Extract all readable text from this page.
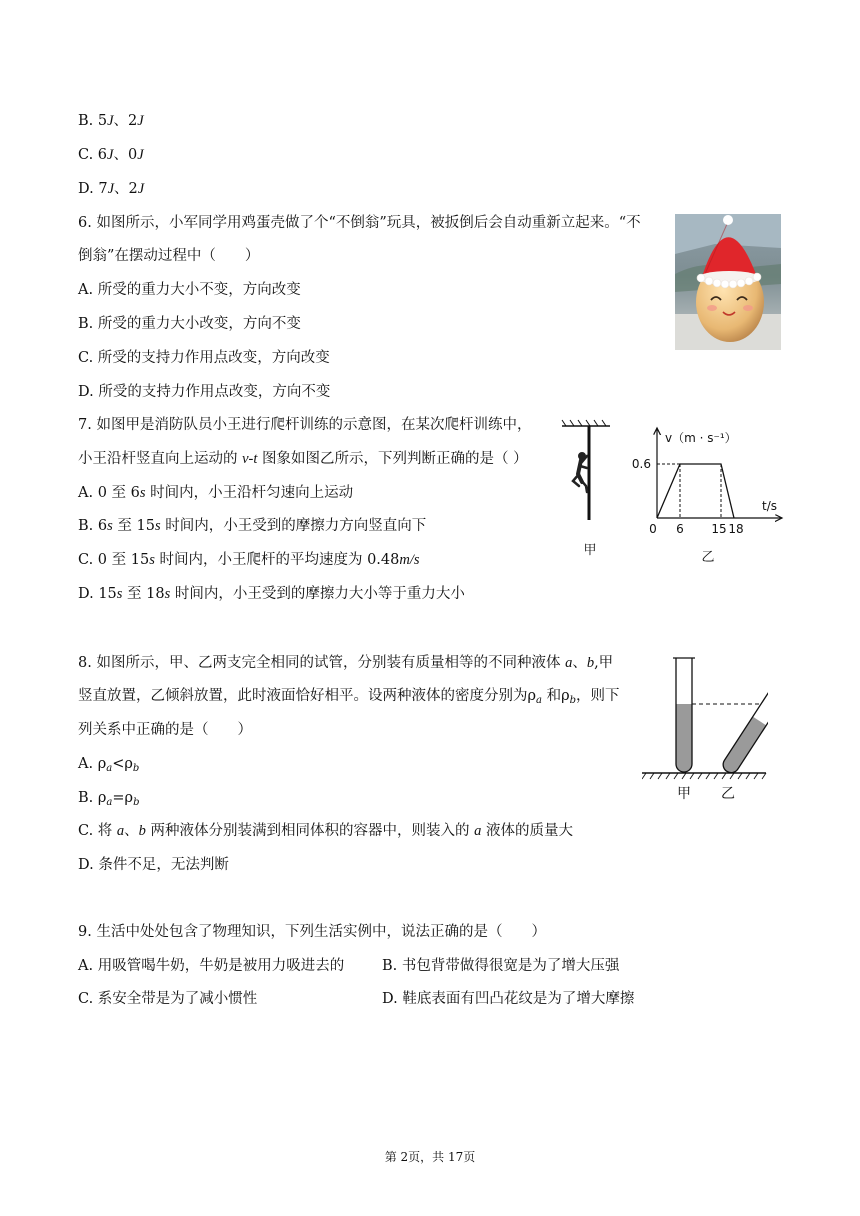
B. 5J、2J
C. 6J、0J
D. 7J、2J
6. 如图所示，小军同学用鸡蛋壳做了个“不倒翁”玩具，被扳倒后会自动重新立起来。“不
倒翁”在摆动过程中（　　）
A. 所受的重力大小不变，方向改变
B. 所受的重力大小改变，方向不变
C. 所受的支持力作用点改变，方向改变
D. 所受的支持力作用点改变，方向不变
7. 如图甲是消防队员小王进行爬杆训练的示意图，在某次爬杆训练中，
小王沿杆竖直向上运动的 v-t 图象如图乙所示，下列判断正确的是（ ）
A. 0 至 6s 时间内，小王沿杆匀速向上运动
B. 6s 至 15s 时间内，小王受到的摩擦力方向竖直向下
C. 0 至 15s 时间内，小王爬杆的平均速度为 0.48m/s
D. 15s 至 18s 时间内，小王受到的摩擦力大小等于重力大小
甲
v（m · s⁻¹）
t/s
0.6
0 6 15 18
乙
8. 如图所示，甲、乙两支完全相同的试管，分别装有质量相等的不同种液体 a、b,甲
竖直放置，乙倾斜放置，此时液面恰好相平。设两种液体的密度分别为$\rho_a$ 和$\rho_b$，则下
列关系中正确的是（　　）
A. $\rho_a<\rho_b$
B. $\rho_a=\rho_b$
C. 将 a、b 两种液体分别装满到相同体积的容器中，则装入的 a 液体的质量大
D. 条件不足，无法判断
甲 乙
9. 生活中处处包含了物理知识，下列生活实例中，说法正确的是（　　）
A. 用吸管喝牛奶，牛奶是被用力吸进去的	B. 书包背带做得很宽是为了增大压强
C. 系安全带是为了减小惯性	D. 鞋底表面有凹凸花纹是为了增大摩擦
第 2页，共 17页
